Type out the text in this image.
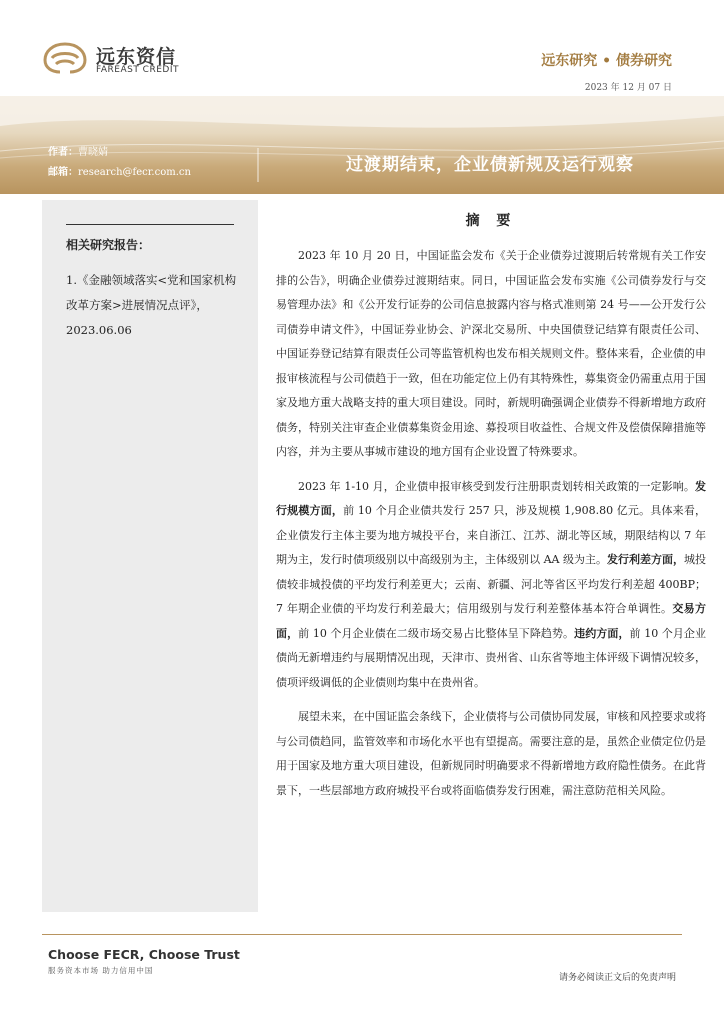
远东资信
FAREAST CREDIT
远东研究 • 债券研究
2023 年 12 月 07 日
作者：曹晓婧
邮箱：research@fecr.com.cn	过渡期结束，企业债新规及运行观察
相关研究报告：
1.《金融领域落实<党和国家机构改革方案>进展情况点评》，2023.06.06
摘 要

2023 年 10 月 20 日，中国证监会发布《关于企业债券过渡期后转常规有关工作安排的公告》，明确企业债券过渡期结束。同日，中国证监会发布实施《公司债券发行与交易管理办法》和《公开发行证券的公司信息披露内容与格式准则第 24 号——公开发行公司债券申请文件》，中国证券业协会、沪深北交易所、中央国债登记结算有限责任公司、中国证券登记结算有限责任公司等监管机构也发布相关规则文件。整体来看，企业债的申报审核流程与公司债趋于一致，但在功能定位上仍有其特殊性，募集资金仍需重点用于国家及地方重大战略支持的重大项目建设。同时，新规明确强调企业债券不得新增地方政府债务，特别关注审查企业债募集资金用途、募投项目收益性、合规文件及偿债保障措施等内容，并为主要从事城市建设的地方国有企业设置了特殊要求。

2023 年 1-10 月，企业债申报审核受到发行注册职责划转相关政策的一定影响。发行规模方面，前 10 个月企业债共发行 257 只，涉及规模 1,908.80 亿元。具体来看，企业债发行主体主要为地方城投平台，来自浙江、江苏、湖北等区域，期限结构以 7 年期为主，发行时债项级别以中高级别为主，主体级别以 AA 级为主。发行利差方面，城投债较非城投债的平均发行利差更大；云南、新疆、河北等省区平均发行利差超 400BP；7 年期企业债的平均发行利差最大；信用级别与发行利差整体基本符合单调性。交易方面，前 10 个月企业债在二级市场交易占比整体呈下降趋势。违约方面，前 10 个月企业债尚无新增违约与展期情况出现，天津市、贵州省、山东省等地主体评级下调情况较多，债项评级调低的企业债则均集中在贵州省。

展望未来，在中国证监会条线下，企业债将与公司债协同发展，审核和风控要求或将与公司债趋同，监管效率和市场化水平也有望提高。需要注意的是，虽然企业债定位仍是用于国家及地方重大项目建设，但新规同时明确要求不得新增地方政府隐性债务。在此背景下，一些层部地方政府城投平台或将面临债券发行困难，需注意防范相关风险。

Choose FECR, Choose Trust
服务资本市场 助力信用中国
请务必阅读正文后的免责声明
